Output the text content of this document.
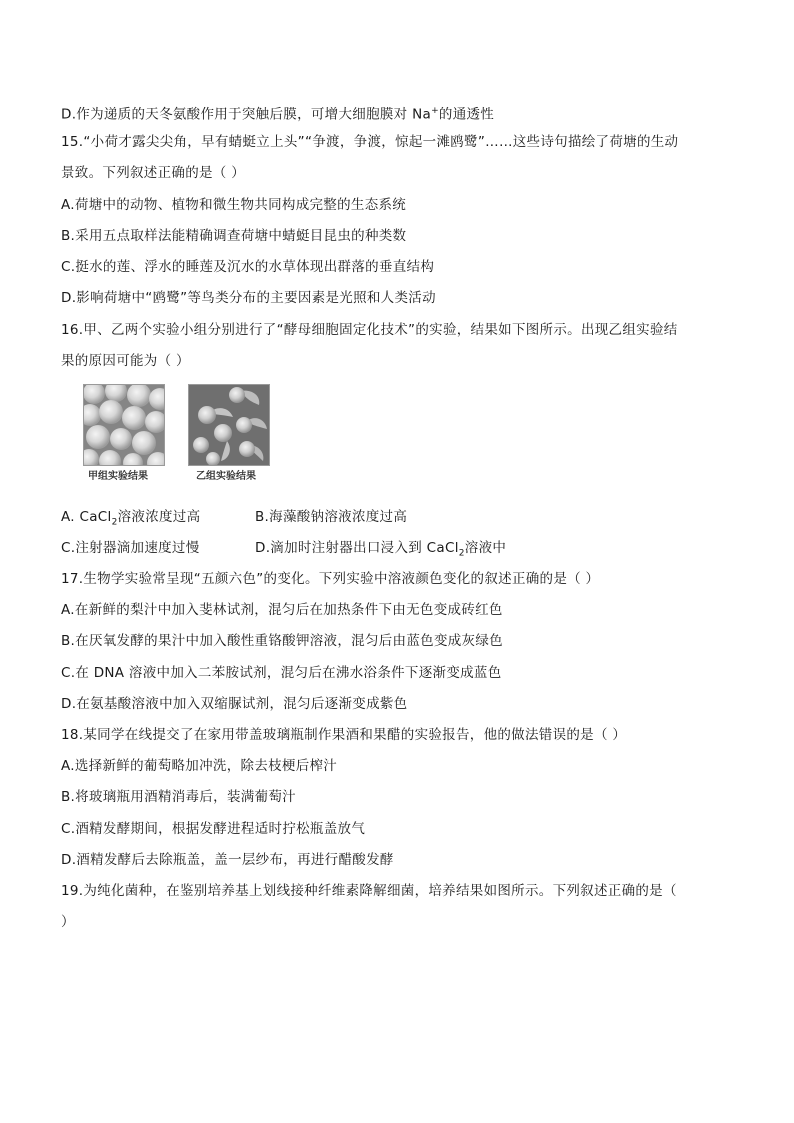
D.作为递质的天冬氨酸作用于突触后膜，可增大细胞膜对 Na+的通透性
15.“小荷才露尖尖角，早有蜻蜓立上头”“争渡，争渡，惊起一滩鸥鹭”……这些诗句描绘了荷塘的生动
景致。下列叙述正确的是（ ）
A.荷塘中的动物、植物和微生物共同构成完整的生态系统
B.采用五点取样法能精确调查荷塘中蜻蜓目昆虫的种类数
C.挺水的莲、浮水的睡莲及沉水的水草体现出群落的垂直结构
D.影响荷塘中“鸥鹭”等鸟类分布的主要因素是光照和人类活动
16.甲、乙两个实验小组分别进行了“酵母细胞固定化技术”的实验，结果如下图所示。出现乙组实验结
果的原因可能为（ ）
甲组实验结果	乙组实验结果
A. CaCl$_2$溶液浓度过高	B.海藻酸钠溶液浓度过高
C.注射器滴加速度过慢	D.滴加时注射器出口浸入到 CaCl$_2$溶液中
17.生物学实验常呈现“五颜六色”的变化。下列实验中溶液颜色变化的叙述正确的是（ ）
A.在新鲜的梨汁中加入斐林试剂，混匀后在加热条件下由无色变成砖红色
B.在厌氧发酵的果汁中加入酸性重铬酸钾溶液，混匀后由蓝色变成灰绿色
C.在 DNA 溶液中加入二苯胺试剂，混匀后在沸水浴条件下逐渐变成蓝色
D.在氨基酸溶液中加入双缩脲试剂，混匀后逐渐变成紫色
18.某同学在线提交了在家用带盖玻璃瓶制作果酒和果醋的实验报告，他的做法错误的是（ ）
A.选择新鲜的葡萄略加冲洗，除去枝梗后榨汁
B.将玻璃瓶用酒精消毒后，装满葡萄汁
C.酒精发酵期间，根据发酵进程适时拧松瓶盖放气
D.酒精发酵后去除瓶盖，盖一层纱布，再进行醋酸发酵
19.为纯化菌种，在鉴别培养基上划线接种纤维素降解细菌，培养结果如图所示。下列叙述正确的是（
）
